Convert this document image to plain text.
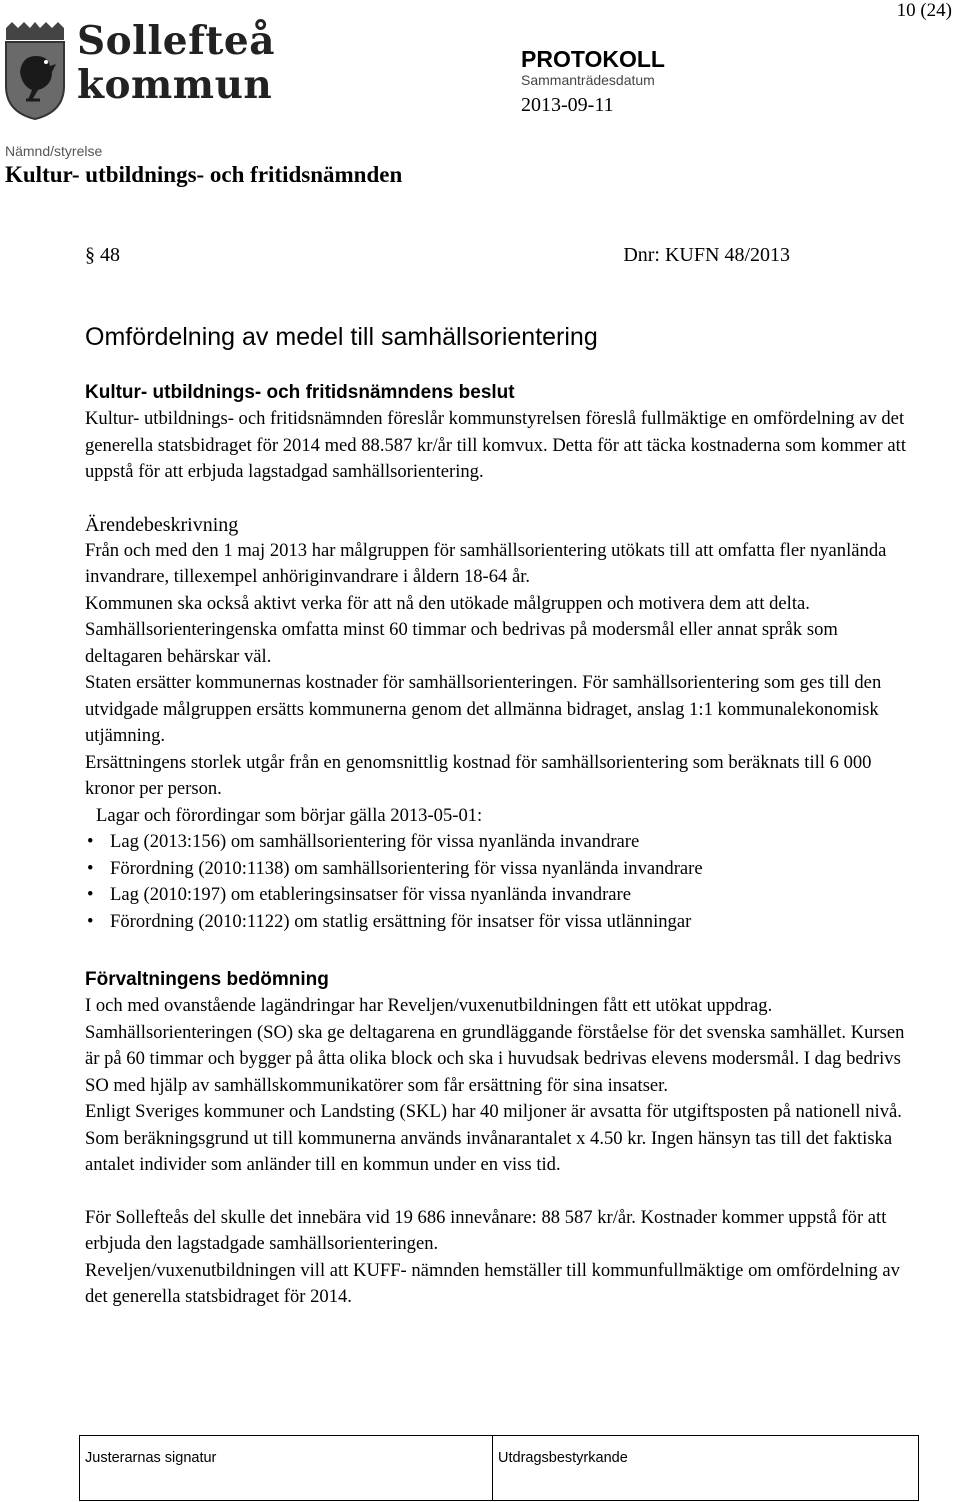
10 (24)
Sollefteå
kommun
PROTOKOLL
Sammanträdesdatum
2013-09-11
Nämnd/styrelse
Kultur- utbildnings- och fritidsnämnden
§ 48	Dnr: KUFN 48/2013
Omfördelning av medel till samhällsorientering

Kultur- utbildnings- och fritidsnämndens beslut

Kultur- utbildnings- och fritidsnämnden föreslår kommunstyrelsen föreslå fullmäktige en omfördelning av det generella statsbidraget för 2014 med 88.587 kr/år till komvux. Detta för att täcka kostnaderna som kommer att uppstå för att erbjuda lagstadgad samhällsorientering.

Ärendebeskrivning

Från och med den 1 maj 2013 har målgruppen för samhällsorientering utökats till att omfatta fler nyanlända invandrare, tillexempel anhöriginvandrare i åldern 18-64 år.

Kommunen ska också aktivt verka för att nå den utökade målgruppen och motivera dem att delta. Samhällsorienteringenska omfatta minst 60 timmar och bedrivas på modersmål eller annat språk som deltagaren behärskar väl.

Staten ersätter kommunernas kostnader för samhällsorienteringen. För samhällsorientering som ges till den utvidgade målgruppen ersätts kommunerna genom det allmänna bidraget, anslag 1:1 kommunalekonomisk utjämning.

Ersättningens storlek utgår från en genomsnittlig kostnad för samhällsorientering som beräknats till 6 000 kronor per person.

Lagar och förordingar som börjar gälla 2013-05-01:

• Lag (2013:156) om samhällsorientering för vissa nyanlända invandrare
• Förordning (2010:1138) om samhällsorientering för vissa nyanlända invandrare
• Lag (2010:197) om etableringsinsatser för vissa nyanlända invandrare
• Förordning (2010:1122) om statlig ersättning för insatser för vissa utlänningar

Förvaltningens bedömning

I och med ovanstående lagändringar har Reveljen/vuxenutbildningen fått ett utökat uppdrag. Samhällsorienteringen (SO) ska ge deltagarena en grundläggande förståelse för det svenska samhället. Kursen är på 60 timmar och bygger på åtta olika block och ska i huvudsak bedrivas elevens modersmål. I dag bedrivs SO med hjälp av samhällskommunikatörer som får ersättning för sina insatser.

Enligt Sveriges kommuner och Landsting (SKL) har 40 miljoner är avsatta för utgiftsposten på nationell nivå. Som beräkningsgrund ut till kommunerna används invånarantalet x 4.50 kr. Ingen hänsyn tas till det faktiska antalet individer som anländer till en kommun under en viss tid.

För Sollefteås del skulle det innebära vid 19 686 innevånare: 88 587 kr/år. Kostnader kommer uppstå för att erbjuda den lagstadgade samhällsorienteringen.

Reveljen/vuxenutbildningen vill att KUFF- nämnden hemställer till kommunfullmäktige om omfördelning av det generella statsbidraget för 2014.

Justerarnas signatur	Utdragsbestyrkande
